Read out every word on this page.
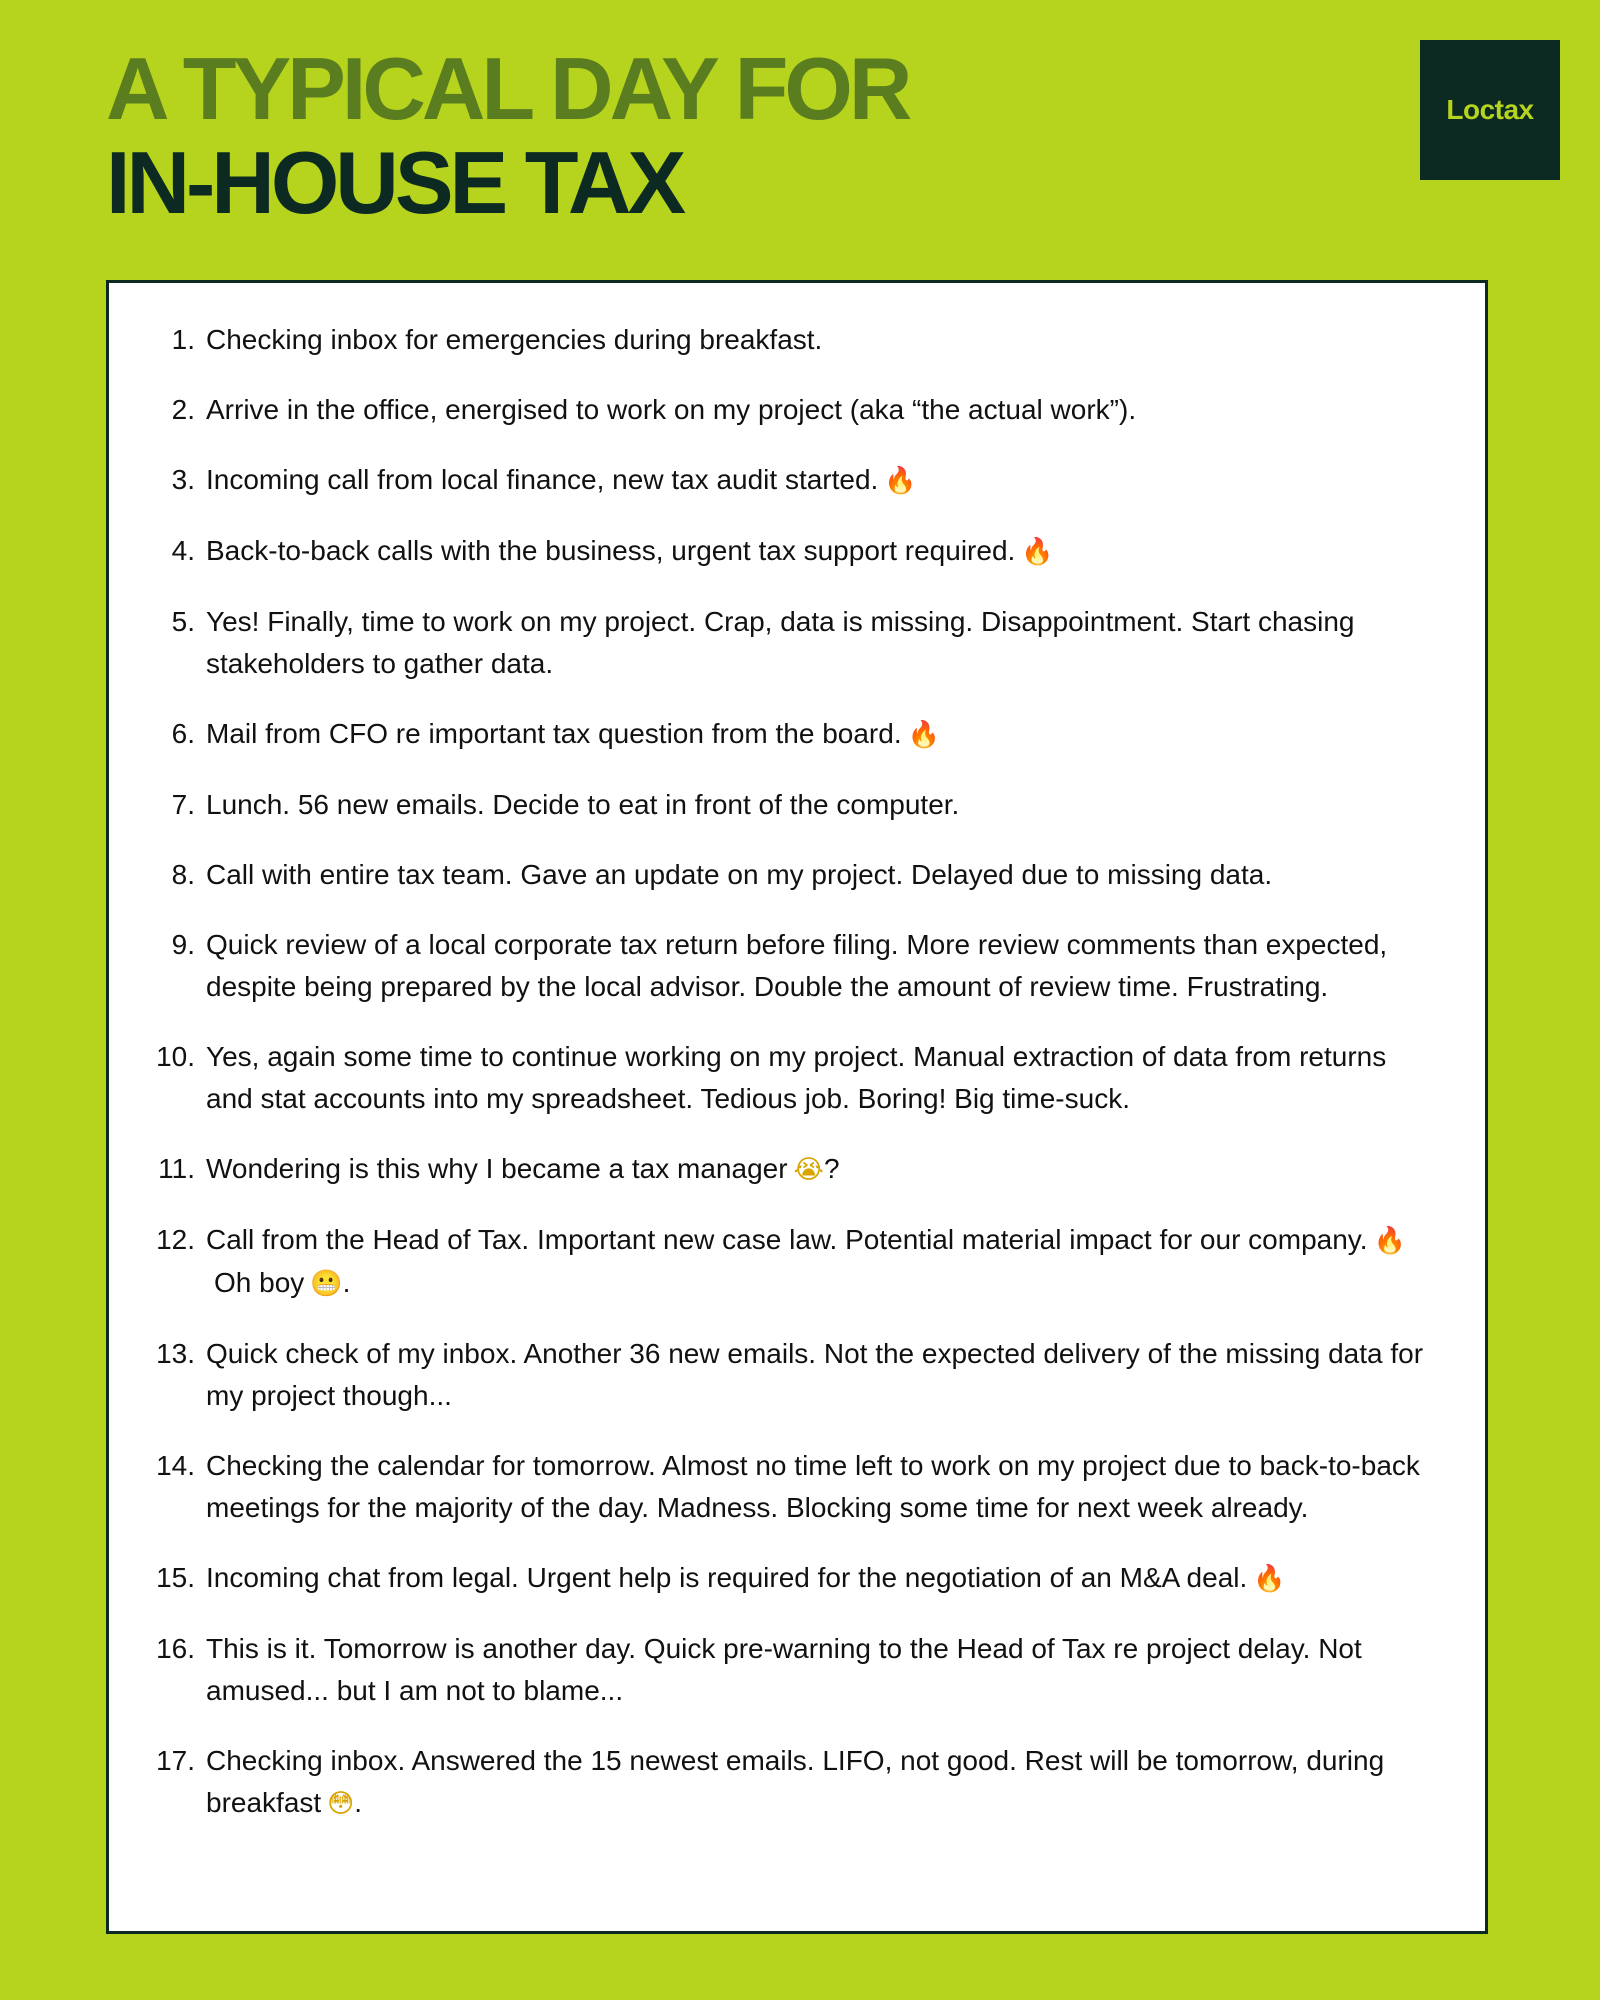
A TYPICAL DAY FOR
IN-HOUSE TAX
Loctax
1. Checking inbox for emergencies during breakfast.
2. Arrive in the office, energised to work on my project (aka “the actual work”).
3. Incoming call from local finance, new tax audit started. 🔥
4. Back-to-back calls with the business, urgent tax support required. 🔥
5. Yes! Finally, time to work on my project. Crap, data is missing. Disappointment. Start chasing stakeholders to gather data.
6. Mail from CFO re important tax question from the board. 🔥
7. Lunch. 56 new emails. Decide to eat in front of the computer.
8. Call with entire tax team. Gave an update on my project. Delayed due to missing data.
9. Quick review of a local corporate tax return before filing. More review comments than expected, despite being prepared by the local advisor. Double the amount of review time. Frustrating.
10. Yes, again some time to continue working on my project. Manual extraction of data from returns and stat accounts into my spreadsheet. Tedious job. Boring! Big time-suck.
11. Wondering is this why I became a tax manager 😭?
12. Call from the Head of Tax. Important new case law. Potential material impact for our company. 🔥Oh boy 😬.
13. Quick check of my inbox. Another 36 new emails. Not the expected delivery of the missing data for my project though...
14. Checking the calendar for tomorrow. Almost no time left to work on my project due to back-to-back meetings for the majority of the day. Madness. Blocking some time for next week already.
15. Incoming chat from legal. Urgent help is required for the negotiation of an M&A deal. 🔥
16. This is it. Tomorrow is another day. Quick pre-warning to the Head of Tax re project delay. Not amused... but I am not to blame...
17. Checking inbox. Answered the 15 newest emails. LIFO, not good. Rest will be tomorrow, during breakfast 😳.
